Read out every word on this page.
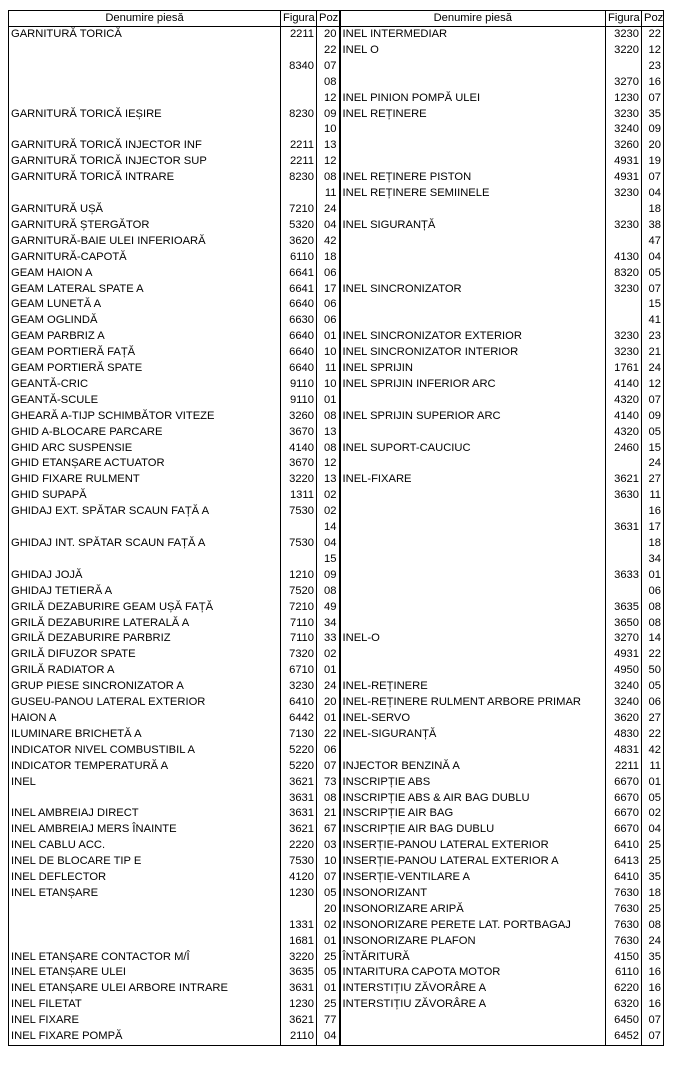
Denumire piesă	Figura	Poz
GARNITURĂ TORICĂ	2211	20
		22
	8340	07
		08
		12
GARNITURĂ TORICĂ IEȘIRE	8230	09
		10
GARNITURĂ TORICĂ INJECTOR INF	2211	13
GARNITURĂ TORICĂ INJECTOR SUP	2211	12
GARNITURĂ TORICĂ INTRARE	8230	08
		11
GARNITURĂ UȘĂ	7210	24
GARNITURĂ ȘTERGĂTOR	5320	04
GARNITURĂ-BAIE ULEI INFERIOARĂ	3620	42
GARNITURĂ-CAPOTĂ	6110	18
GEAM HAION A	6641	06
GEAM LATERAL SPATE A	6641	17
GEAM LUNETĂ A	6640	06
GEAM OGLINDĂ	6630	06
GEAM PARBRIZ A	6640	01
GEAM PORTIERĂ FAȚĂ	6640	10
GEAM PORTIERĂ SPATE	6640	11
GEANTĂ-CRIC	9110	10
GEANTĂ-SCULE	9110	01
GHEARĂ A-TIJP SCHIMBĂTOR VITEZE	3260	08
GHID A-BLOCARE PARCARE	3670	13
GHID ARC SUSPENSIE	4140	08
GHID ETANȘARE ACTUATOR	3670	12
GHID FIXARE RULMENT	3220	13
GHID SUPAPĂ	1311	02
GHIDAJ EXT. SPĂTAR SCAUN FAȚĂ A	7530	02
		14
GHIDAJ INT. SPĂTAR SCAUN FAȚĂ A	7530	04
		15
GHIDAJ JOJĂ	1210	09
GHIDAJ TETIERĂ A	7520	08
GRILĂ DEZABURIRE GEAM UȘĂ FAȚĂ	7210	49
GRILĂ DEZABURIRE LATERALĂ A	7110	34
GRILĂ DEZABURIRE PARBRIZ	7110	33
GRILĂ DIFUZOR SPATE	7320	02
GRILĂ RADIATOR A	6710	01
GRUP PIESE SINCRONIZATOR A	3230	24
GUSEU-PANOU LATERAL EXTERIOR	6410	20
HAION A	6442	01
ILUMINARE BRICHETĂ A	7130	22
INDICATOR NIVEL COMBUSTIBIL A	5220	06
INDICATOR TEMPERATURĂ A	5220	07
INEL	3621	73
	3631	08
INEL AMBREIAJ DIRECT	3631	21
INEL AMBREIAJ MERS ÎNAINTE	3621	67
INEL CABLU ACC.	2220	03
INEL DE BLOCARE TIP E	7530	10
INEL DEFLECTOR	4120	07
INEL ETANȘARE	1230	05
		20
	1331	02
	1681	01
INEL ETANȘARE CONTACTOR M/Î	3220	25
INEL ETANȘARE ULEI	3635	05
INEL ETANȘARE ULEI ARBORE INTRARE	3631	01
INEL FILETAT	1230	25
INEL FIXARE	3621	77
INEL FIXARE POMPĂ	2110	04
Denumire piesă	Figura	Poz
INEL INTERMEDIAR	3230	22
INEL O	3220	12
		23
	3270	16
INEL PINION POMPĂ ULEI	1230	07
INEL REȚINERE	3230	35
	3240	09
	3260	20
	4931	19
INEL REȚINERE PISTON	4931	07
INEL REȚINERE SEMIINELE	3230	04
		18
INEL SIGURANȚĂ	3230	38
		47
	4130	04
	8320	05
INEL SINCRONIZATOR	3230	07
		15
		41
INEL SINCRONIZATOR EXTERIOR	3230	23
INEL SINCRONIZATOR INTERIOR	3230	21
INEL SPRIJIN	1761	24
INEL SPRIJIN INFERIOR ARC	4140	12
	4320	07
INEL SPRIJIN SUPERIOR ARC	4140	09
	4320	05
INEL SUPORT-CAUCIUC	2460	15
		24
INEL-FIXARE	3621	27
	3630	11
		16
	3631	17
		18
		34
	3633	01
		06
	3635	08
	3650	08
INEL-O	3270	14
	4931	22
	4950	50
INEL-REȚINERE	3240	05
INEL-REȚINERE RULMENT ARBORE PRIMAR	3240	06
INEL-SERVO	3620	27
INEL-SIGURANȚĂ	4830	22
	4831	42
INJECTOR BENZINĂ A	2211	11
INSCRIPȚIE ABS	6670	01
INSCRIPȚIE ABS & AIR BAG DUBLU	6670	05
INSCRIPȚIE AIR BAG	6670	02
INSCRIPȚIE AIR BAG DUBLU	6670	04
INSERȚIE-PANOU LATERAL EXTERIOR	6410	25
INSERȚIE-PANOU LATERAL EXTERIOR A	6413	25
INSERȚIE-VENTILARE A	6410	35
INSONORIZANT	7630	18
INSONORIZARE ARIPĂ	7630	25
INSONORIZARE PERETE LAT. PORTBAGAJ	7630	08
INSONORIZARE PLAFON	7630	24
ÎNTĂRITURĂ	4150	35
INTARITURA CAPOTA MOTOR	6110	16
INTERSTIȚIU ZĂVORÂRE A	6220	16
INTERSTIȚIU ZĂVORÂRE A	6320	16
	6450	07
	6452	07
